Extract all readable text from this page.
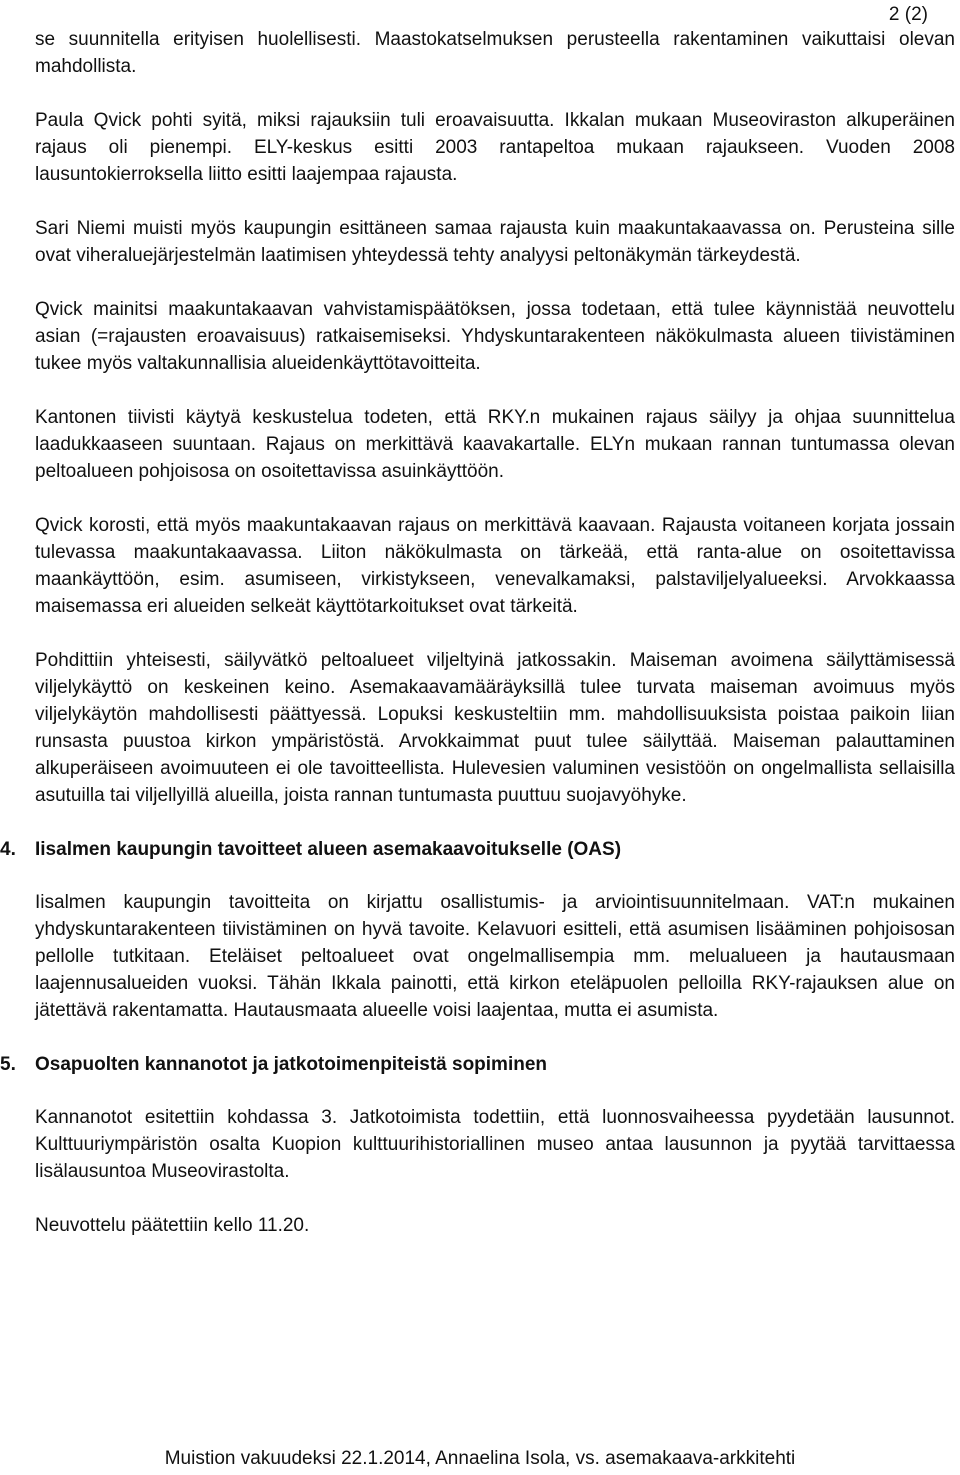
2 (2)

se suunnitella erityisen huolellisesti. Maastokatselmuksen perusteella rakentaminen vaikuttaisi olevan mahdollista.

Paula Qvick pohti syitä, miksi rajauksiin tuli eroavaisuutta. Ikkalan mukaan Museoviraston alkuperäinen rajaus oli pienempi. ELY-keskus esitti 2003 rantapeltoa mukaan rajaukseen. Vuoden 2008 lausuntokierroksella liitto esitti laajempaa rajausta.

Sari Niemi muisti myös kaupungin esittäneen samaa rajausta kuin maakuntakaavassa on. Perusteina sille ovat viheraluejärjestelmän laatimisen yhteydessä tehty analyysi peltonäkymän tärkeydestä.

Qvick mainitsi maakuntakaavan vahvistamispäätöksen, jossa todetaan, että tulee käynnistää neuvottelu asian (=rajausten eroavaisuus) ratkaisemiseksi. Yhdyskuntarakenteen näkökulmasta alueen tiivistäminen tukee myös valtakunnallisia alueidenkäyttötavoitteita.

Kantonen tiivisti käytyä keskustelua todeten, että RKY.n mukainen rajaus säilyy ja ohjaa suunnittelua laadukkaaseen suuntaan. Rajaus on merkittävä kaavakartalle. ELYn mukaan rannan tuntumassa olevan peltoalueen pohjoisosa on osoitettavissa asuinkäyttöön.

Qvick korosti, että myös maakuntakaavan rajaus on merkittävä kaavaan. Rajausta voitaneen korjata jossain tulevassa maakuntakaavassa. Liiton näkökulmasta on tärkeää, että ranta-alue on osoitettavissa maankäyttöön, esim. asumiseen, virkistykseen, venevalkamaksi, palstaviljelyalueeksi. Arvokkaassa maisemassa eri alueiden selkeät käyttötarkoitukset ovat tärkeitä.

Pohdittiin yhteisesti, säilyvätkö peltoalueet viljeltyinä jatkossakin. Maiseman avoimena säilyttämisessä viljelykäyttö on keskeinen keino. Asemakaavamääräyksillä tulee turvata maiseman avoimuus myös viljelykäytön mahdollisesti päättyessä. Lopuksi keskusteltiin mm. mahdollisuuksista poistaa paikoin liian runsasta puustoa kirkon ympäristöstä. Arvokkaimmat puut tulee säilyttää. Maiseman palauttaminen alkuperäiseen avoimuuteen ei ole tavoitteellista. Hulevesien valuminen vesistöön on ongelmallista sellaisilla asutuilla tai viljellyillä alueilla, joista rannan tuntumasta puuttuu suojavyöhyke.

4.	Iisalmen kaupungin tavoitteet alueen asemakaavoitukselle (OAS)

Iisalmen kaupungin tavoitteita on kirjattu osallistumis- ja arviointisuunnitelmaan. VAT:n mukainen yhdyskuntarakenteen tiivistäminen on hyvä tavoite. Kelavuori esitteli, että asumisen lisääminen pohjoisosan pellolle tutkitaan. Eteläiset peltoalueet ovat ongelmallisempia mm. melualueen ja hautausmaan laajennusalueiden vuoksi. Tähän Ikkala painotti, että kirkon eteläpuolen pelloilla RKY-rajauksen alue on jätettävä rakentamatta. Hautausmaata alueelle voisi laajentaa, mutta ei asumista.

5.	Osapuolten kannanotot ja jatkotoimenpiteistä sopiminen

Kannanotot esitettiin kohdassa 3. Jatkotoimista todettiin, että luonnosvaiheessa pyydetään lausunnot. Kulttuuriympäristön osalta Kuopion kulttuurihistoriallinen museo antaa lausunnon ja pyytää tarvittaessa lisälausuntoa Museovirastolta.

Neuvottelu päätettiin kello 11.20.

Muistion vakuudeksi 22.1.2014, Annaelina Isola, vs. asemakaava-arkkitehti
